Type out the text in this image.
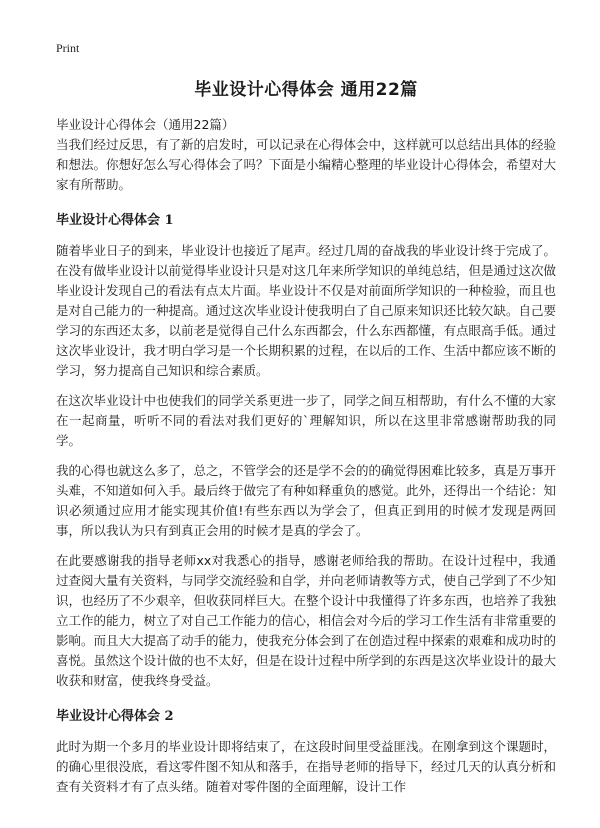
Print
毕业设计心得体会 通用22篇
毕业设计心得体会（通用22篇）

当我们经过反思，有了新的启发时，可以记录在心得体会中，这样就可以总结出具体的经验和想法。你想好怎么写心得体会了吗？下面是小编精心整理的毕业设计心得体会，希望对大家有所帮助。

毕业设计心得体会 1

随着毕业日子的到来，毕业设计也接近了尾声。经过几周的奋战我的毕业设计终于完成了。在没有做毕业设计以前觉得毕业设计只是对这几年来所学知识的单纯总结，但是通过这次做毕业设计发现自己的看法有点太片面。毕业设计不仅是对前面所学知识的一种检验，而且也是对自己能力的一种提高。通过这次毕业设计使我明白了自己原来知识还比较欠缺。自己要学习的东西还太多，以前老是觉得自己什么东西都会，什么东西都懂，有点眼高手低。通过这次毕业设计，我才明白学习是一个长期积累的过程，在以后的工作、生活中都应该不断的学习，努力提高自己知识和综合素质。

在这次毕业设计中也使我们的同学关系更进一步了，同学之间互相帮助，有什么不懂的大家在一起商量，听听不同的看法对我们更好的`理解知识，所以在这里非常感谢帮助我的同学。

我的心得也就这么多了，总之，不管学会的还是学不会的的确觉得困难比较多，真是万事开头难，不知道如何入手。最后终于做完了有种如释重负的感觉。此外，还得出一个结论：知识必须通过应用才能实现其价值!有些东西以为学会了，但真正到用的时候才发现是两回事，所以我认为只有到真正会用的时候才是真的学会了。

在此要感谢我的指导老师xx对我悉心的指导，感谢老师给我的帮助。在设计过程中，我通过查阅大量有关资料，与同学交流经验和自学，并向老师请教等方式，使自己学到了不少知识，也经历了不少艰辛，但收获同样巨大。在整个设计中我懂得了许多东西，也培养了我独立工作的能力，树立了对自己工作能力的信心，相信会对今后的学习工作生活有非常重要的影响。而且大大提高了动手的能力，使我充分体会到了在创造过程中探索的艰难和成功时的喜悦。虽然这个设计做的也不太好，但是在设计过程中所学到的东西是这次毕业设计的最大收获和财富，使我终身受益。

毕业设计心得体会 2

此时为期一个多月的毕业设计即将结束了，在这段时间里受益匪浅。在刚拿到这个课题时，的确心里很没底，看这零件图不知从和落手，在指导老师的指导下，经过几天的认真分析和查有关资料才有了点头绪。随着对零件图的全面理解，设计工作
